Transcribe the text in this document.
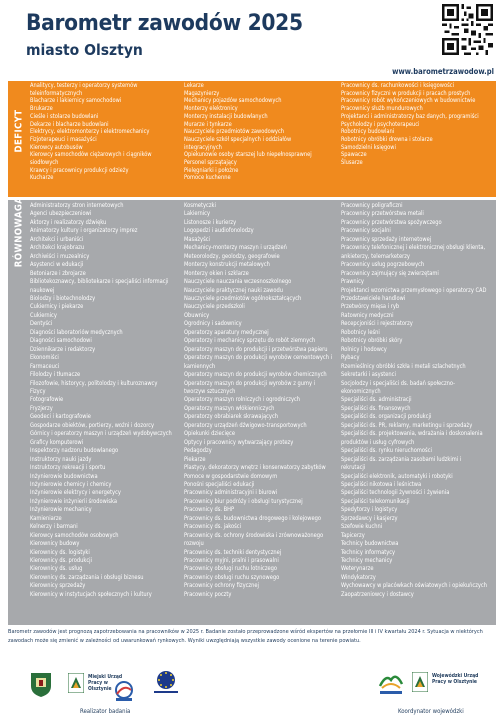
Barometr zawodów 2025
miasto Olsztyn
www.barometrzawodow.pl
DEFICYT
Analitycy, testerzy i operatorzy systemów
teleinformatycznych
Blacharze i lakiernicy samochodowi
Brukarze
Cieśle i stolarze budowlani
Dekarze i blacharze budowlani
Elektrycy, elektromonterzy i elektromechanicy
Fizjoterapeuci i masażyści
Kierowcy autobusów
Kierowcy samochodów ciężarowych i ciągników
siodłowych
Krawcy i pracownicy produkcji odzieży
Kucharze
Lekarze
Magazynierzy
Mechanicy pojazdów samochodowych
Monterzy elektronicy
Monterzy instalacji budowlanych
Murarze i tynkarze
Nauczyciele przedmiotów zawodowych
Nauczyciele szkół specjalnych i oddziałów
integracyjnych
Opiekunowie osoby starszej lub niepełnosprawnej
Personel sprzątający
Pielęgniarki i położne
Pomoce kuchenne
Pracownicy ds. rachunkowości i księgowości
Pracownicy fizyczni w produkcji i pracach prostych
Pracownicy robót wykończeniowych w budownictwie
Pracownicy służb mundurowych
Projektanci i administratorzy baz danych, programiści
Psycholodzy i psychoterapeuci
Robotnicy budowlani
Robotnicy obróbki drewna i stolarze
Samodzielni księgowi
Spawacze
Ślusarze
RÓWNOWAGA Administratorzy stron internetowych
Agenci ubezpieczeniowi
Aktorzy i realizatorzy dźwięku
Animatorzy kultury i organizatorzy imprez
Architekci i urbaniści
Architekci krajobrazu
Archiwiści i muzealnicy
Asystenci w edukacji
Betoniarze i zbrojarze
Bibliotekoznawcy, bibliotekarze i specjaliści informacji
naukowej
Biolodzy i biotechnolodzy
Cukiernicy i piekarze
Cukiernicy
Dentyści
Diagności laboratoriów medycznych
Diagności samochodowi
Dziennikarze i redaktorzy
Ekonomiści
Farmaceuci
Filolodzy i tłumacze
Filozofowie, historycy, politolodzy i kulturoznawcy
Fizycy
Fotografowie
Fryzjerzy
Geodeci i kartografowie
Gospodarze obiektów, portierzy, woźni i dozorcy
Górnicy i operatorzy maszyn i urządzeń wydobywczych
Graficy komputerowi
Inspektorzy nadzoru budowlanego
Instruktorzy nauki jazdy
Instruktorzy rekreacji i sportu
Inżynierowie budownictwa
Inżynierowie chemicy i chemicy
Inżynierowie elektrycy i energetycy
Inżynierowie inżynierii środowiska
Inżynierowie mechanicy
Kamieniarze
Kelnerzy i barmani
Kierowcy samochodów osobowych
Kierownicy budowy
Kierownicy ds. logistyki
Kierownicy ds. produkcji
Kierownicy ds. usług
Kierownicy ds. zarządzania i obsługi biznesu
Kierownicy sprzedaży
Kierownicy w instytucjach społecznych i kultury
Kosmetyczki
Lakiernicy
Listonosze i kurierzy
Logopedzi i audiofonolodzy
Masażyści
Mechanicy-monterzy maszyn i urządzeń
Meteorolodzy, geolodzy, geografowie
Monterzy konstrukcji metalowych
Monterzy okien i szklarze
Nauczyciele nauczania wczesnoszkolnego
Nauczyciele praktycznej nauki zawodu
Nauczyciele przedmiotów ogólnokształcących
Nauczyciele przedszkoli
Obuwnicy
Ogrodnicy i sadownicy
Operatorzy aparatury medycznej
Operatorzy i mechanicy sprzętu do robót ziemnych
Operatorzy maszyn do produkcji i przetwórstwa papieru
Operatorzy maszyn do produkcji wyrobów cementowych i
kamiennych
Operatorzy maszyn do produkcji wyrobów chemicznych
Operatorzy maszyn do produkcji wyrobów z gumy i
tworzyw sztucznych
Operatorzy maszyn rolniczych i ogrodniczych
Operatorzy maszyn włókienniczych
Operatorzy obrabiarek skrawających
Operatorzy urządzeń dźwigowo-transportowych
Opiekunki dziecięce
Optycy i pracownicy wytwarzający protezy
Pedagodzy
Piekarze
Plastycy, dekoratorzy wnętrz i konserwatorzy zabytków
Pomoce w gospodarstwie domowym
Ponośni specjaliści edukacji
Pracownicy administracyjni i biurowi
Pracownicy biur podróży i obsługi turystycznej
Pracownicy ds. BHP
Pracownicy ds. budownictwa drogowego i kolejowego
Pracownicy ds. jakości
Pracownicy ds. ochrony środowiska i zrównoważonego
rozwoju
Pracownicy ds. techniki dentystycznej
Pracownicy myjni, pralni i prasowalni
Pracownicy obsługi ruchu lotniczego
Pracownicy obsługi ruchu szynowego
Pracownicy ochrony fizycznej
Pracownicy poczty
Pracownicy poligraficzni
Pracownicy przetwórstwa metali
Pracownicy przetwórstwa spożywczego
Pracownicy socjalni
Pracownicy sprzedaży internetowej
Pracownicy telefonicznej i elektronicznej obsługi klienta,
ankieterzy, telemarketerzy
Pracownicy usług pogrzebowych
Pracownicy zajmujący się zwierzętami
Prawnicy
Projektanci wzornictwa przemysłowego i operatorzy CAD
Przedstawiciele handlowi
Przetwórcy mięsa i ryb
Ratownicy medyczni
Recepcjoniści i rejestratorzy
Robotnicy leśni
Robotnicy obróbki skóry
Rolnicy i hodowcy
Rybacy
Rzemieślnicy obróbki szkła i metali szlachetnych
Sekretarki i asystenci
Socjolodzy i specjaliści ds. badań społeczno-
ekonomicznych
Specjaliści ds. administracji
Specjaliści ds. finansowych
Specjaliści ds. organizacji produkcji
Specjaliści ds. PR, reklamy, marketingu i sprzedaży
Specjaliści ds. projektowania, wdrażania i doskonalenia
produktów i usług cyfrowych
Specjaliści ds. rynku nieruchomości
Specjaliści ds. zarządzania zasobami ludzkimi i
rekrutacji
Specjaliści elektronik, automatyki i robotyki
Specjaliści nikotowa i leśnictwa
Specjaliści technologii żywności i żywienia
Specjaliści telekomunikacji
Spedytorzy i logistycy
Sprzedawcy i kasjerzy
Szefowie kuchni
Tapicerzy
Technicy budownictwa
Technicy informatycy
Technicy mechanicy
Weterynarze
Windykatorzy
Wychowawcy w placówkach oświatowych i opiekuńczych
Zaopatrzeniowcy i dostawcy
Barometr zawodów jest prognozą zapotrzebowania na pracowników w 2025 r. Badanie zostało przeprowadzone wśród ekspertów na przełomie III i IV kwartału 2024 r. Sytuacja w niektórych zawodach może się zmienić w zależności od uwarunkowań rynkowych. Wyniki uwzględniają wszystkie zawody ocenione na terenie powiatu.
Miejski Urząd Pracy w Olsztynie
Wojewódzki Urząd Pracy w Olsztynie
Realizator badania	Koordynator wojewódzki
